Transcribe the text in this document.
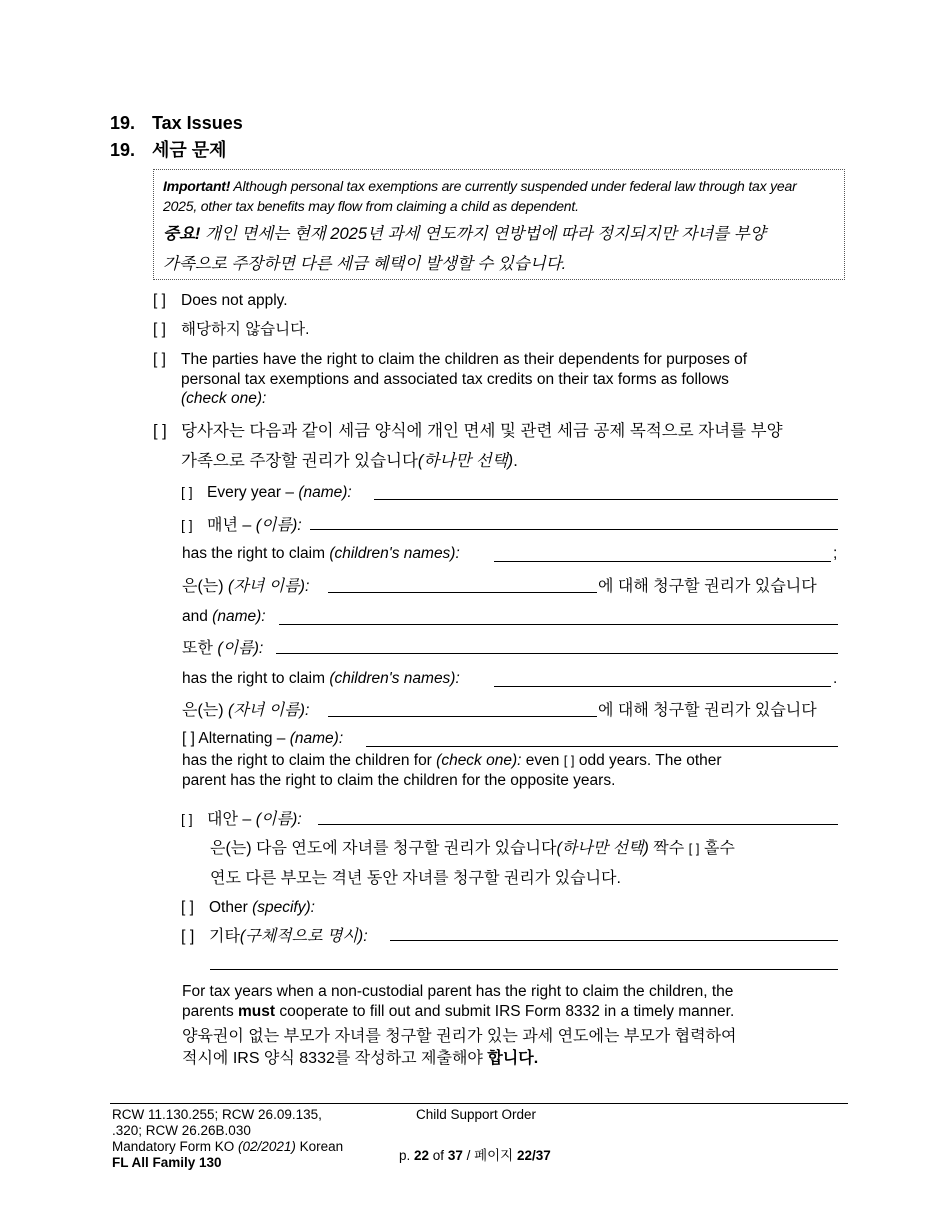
19. Tax Issues
19. 세금 문제
Important! Although personal tax exemptions are currently suspended under federal law through tax year
2025, other tax benefits may flow from claiming a child as dependent.
중요! 개인 면세는 현재 2025년 과세 연도까지 연방법에 따라 정지되지만 자녀를 부양
가족으로 주장하면 다른 세금 혜택이 발생할 수 있습니다.
[ ] Does not apply.
[ ] 해당하지 않습니다.
[ ] The parties have the right to claim the children as their dependents for purposes of
personal tax exemptions and associated tax credits on their tax forms as follows
(check one):
[ ] 당사자는 다음과 같이 세금 양식에 개인 면세 및 관련 세금 공제 목적으로 자녀를 부양
가족으로 주장할 권리가 있습니다(하나만 선택).
[ ] Every year – (name):
[ ] 매년 – (이름):
has the right to claim (children's names):	;
은(는) (자녀 이름):	에 대해 청구할 권리가 있습니다
and (name):
또한 (이름):
has the right to claim (children's names):	.
은(는) (자녀 이름):	에 대해 청구할 권리가 있습니다
[ ] Alternating – (name):
has the right to claim the children for (check one): even [ ] odd years. The other
parent has the right to claim the children for the opposite years.
[ ] 대안 – (이름):
은(는) 다음 연도에 자녀를 청구할 권리가 있습니다(하나만 선택) 짝수 [ ] 홀수
연도 다른 부모는 격년 동안 자녀를 청구할 권리가 있습니다.
[ ] Other (specify):
[ ] 기타(구체적으로 명시):
For tax years when a non-custodial parent has the right to claim the children, the
parents must cooperate to fill out and submit IRS Form 8332 in a timely manner.
양육권이 없는 부모가 자녀를 청구할 권리가 있는 과세 연도에는 부모가 협력하여
적시에 IRS 양식 8332를 작성하고 제출해야 합니다.
RCW 11.130.255; RCW 26.09.135,
.320; RCW 26.26B.030
Mandatory Form KO (02/2021) Korean
FL All Family 130
Child Support Order
p. 22 of 37 / 페이지 22/37
